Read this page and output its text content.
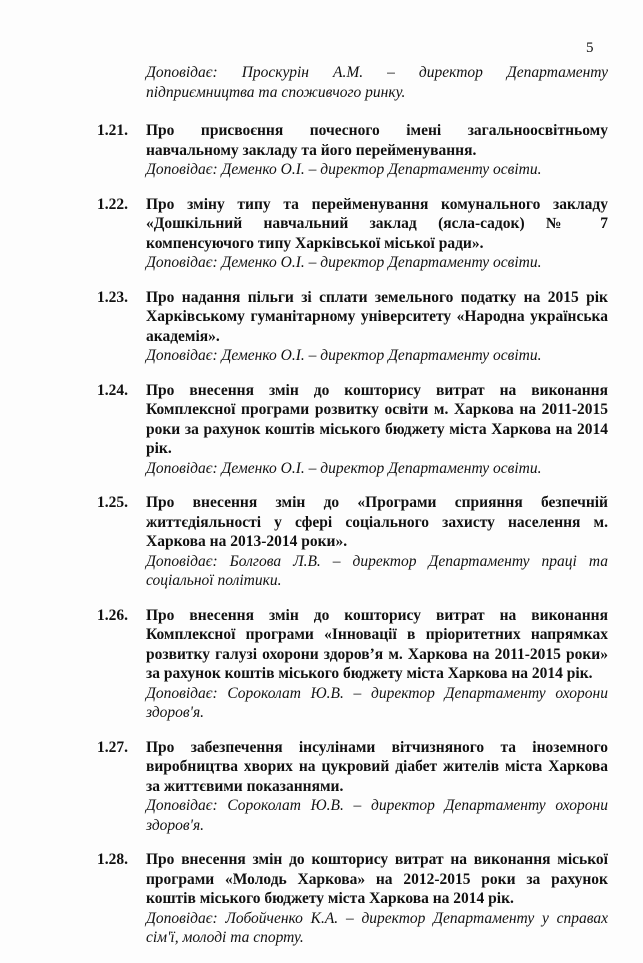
5

Доповідає: Проскурін А.М. – директор Департаменту підприємництва та споживчого ринку.

1.21. Про присвоєння почесного імені загальноосвітньому навчальному закладу та його перейменування.

Доповідає: Деменко О.І. – директор Департаменту освіти.

1.22. Про зміну типу та перейменування комунального закладу «Дошкільний навчальний заклад (ясла-садок) № 7 компенсуючого типу Харківської міської ради».

Доповідає: Деменко О.І. – директор Департаменту освіти.

1.23. Про надання пільги зі сплати земельного податку на 2015 рік Харківському гуманітарному університету «Народна українська академія».

Доповідає: Деменко О.І. – директор Департаменту освіти.

1.24. Про внесення змін до кошторису витрат на виконання Комплексної програми розвитку освіти м. Харкова на 2011-2015 роки за рахунок коштів міського бюджету міста Харкова на 2014 рік.

Доповідає: Деменко О.І. – директор Департаменту освіти.

1.25. Про внесення змін до «Програми сприяння безпечній життєдіяльності у сфері соціального захисту населення м. Харкова на 2013-2014 роки».

Доповідає: Болгова Л.В. – директор Департаменту праці та соціальної політики.

1.26. Про внесення змін до кошторису витрат на виконання Комплексної програми «Інновації в пріоритетних напрямках розвитку галузі охорони здоров’я м. Харкова на 2011-2015 роки» за рахунок коштів міського бюджету міста Харкова на 2014 рік.

Доповідає: Сороколат Ю.В. – директор Департаменту охорони здоров'я.

1.27. Про забезпечення інсулінами вітчизняного та іноземного виробництва хворих на цукровий діабет жителів міста Харкова за життєвими показаннями.

Доповідає: Сороколат Ю.В. – директор Департаменту охорони здоров'я.

1.28. Про внесення змін до кошторису витрат на виконання міської програми «Молодь Харкова» на 2012-2015 роки за рахунок коштів міського бюджету міста Харкова на 2014 рік.

Доповідає: Лобойченко К.А. – директор Департаменту у справах сім'ї, молоді та спорту.
